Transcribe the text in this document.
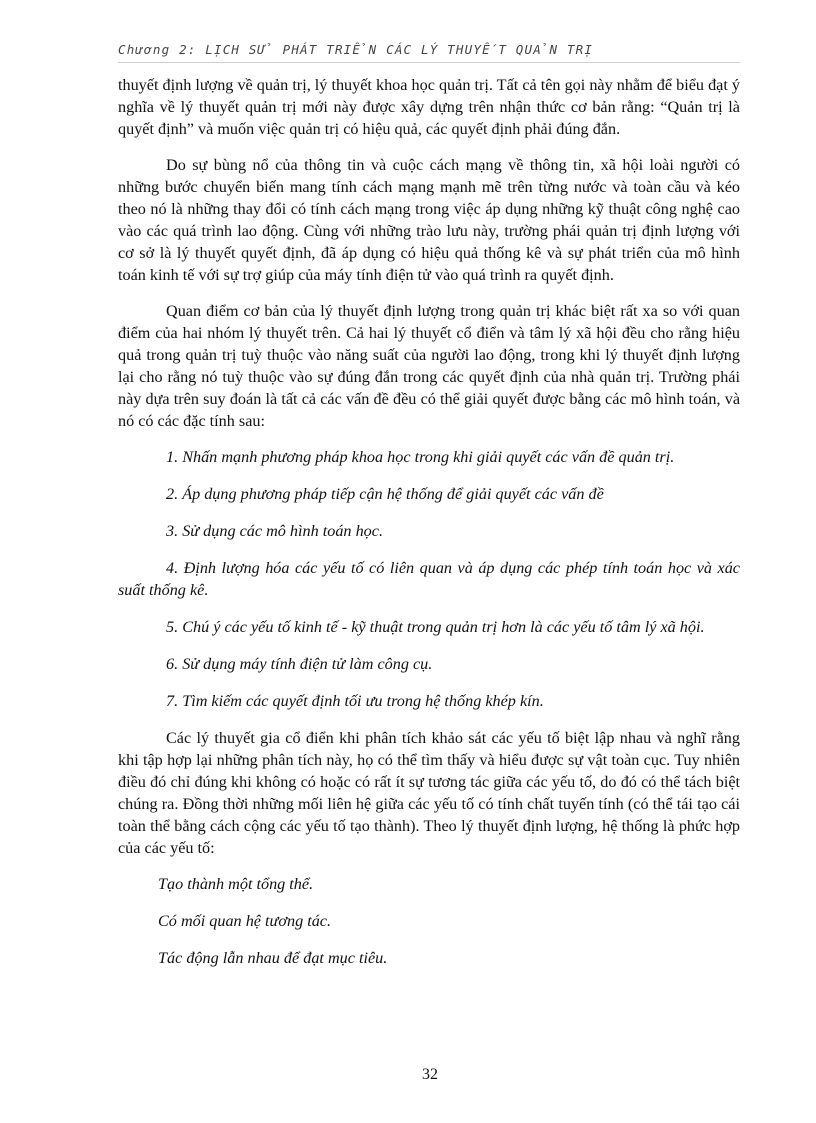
Chương 2: LỊCH SỬ PHÁT TRIỂN CÁC LÝ THUYẾT QUẢN TRỊ

thuyết định lượng về quản trị, lý thuyết khoa học quản trị. Tất cả tên gọi này nhằm để biểu đạt ý nghĩa về lý thuyết quản trị mới này được xây dựng trên nhận thức cơ bản rằng: “Quản trị là quyết định” và muốn việc quản trị có hiệu quả, các quyết định phải đúng đắn.

Do sự bùng nổ của thông tin và cuộc cách mạng về thông tin, xã hội loài người có những bước chuyển biến mang tính cách mạng mạnh mẽ trên từng nước và toàn cầu và kéo theo nó là những thay đổi có tính cách mạng trong việc áp dụng những kỹ thuật công nghệ cao vào các quá trình lao động. Cùng với những trào lưu này, trường phái quản trị định lượng với cơ sở là lý thuyết quyết định, đã áp dụng có hiệu quả thống kê và sự phát triển của mô hình toán kinh tế với sự trợ giúp của máy tính điện tử vào quá trình ra quyết định.

Quan điểm cơ bản của lý thuyết định lượng trong quản trị khác biệt rất xa so với quan điểm của hai nhóm lý thuyết trên. Cả hai lý thuyết cổ điển và tâm lý xã hội đều cho rằng hiệu quả trong quản trị tuỳ thuộc vào năng suất của người lao động, trong khi lý thuyết định lượng lại cho rằng nó tuỳ thuộc vào sự đúng đắn trong các quyết định của nhà quản trị. Trường phái này dựa trên suy đoán là tất cả các vấn đề đều có thể giải quyết được bằng các mô hình toán, và nó có các đặc tính sau:

1. Nhấn mạnh phương pháp khoa học trong khi giải quyết các vấn đề quản trị.

2. Áp dụng phương pháp tiếp cận hệ thống để giải quyết các vấn đề

3. Sử dụng các mô hình toán học.

4. Định lượng hóa các yếu tố có liên quan và áp dụng các phép tính toán học và xác suất thống kê.

5. Chú ý các yếu tố kinh tế - kỹ thuật trong quản trị hơn là các yếu tố tâm lý xã hội.

6. Sử dụng máy tính điện tử làm công cụ.

7. Tìm kiếm các quyết định tối ưu trong hệ thống khép kín.

Các lý thuyết gia cổ điển khi phân tích khảo sát các yếu tố biệt lập nhau và nghĩ rằng khi tập hợp lại những phân tích này, họ có thể tìm thấy và hiểu được sự vật toàn cục. Tuy nhiên điều đó chỉ đúng khi không có hoặc có rất ít sự tương tác giữa các yếu tố, do đó có thể tách biệt chúng ra. Đồng thời những mối liên hệ giữa các yếu tố có tính chất tuyến tính (có thể tái tạo cái toàn thể bằng cách cộng các yếu tố tạo thành). Theo lý thuyết định lượng, hệ thống là phức hợp của các yếu tố:

Tạo thành một tổng thể.

Có mối quan hệ tương tác.

Tác động lẫn nhau để đạt mục tiêu.

32
